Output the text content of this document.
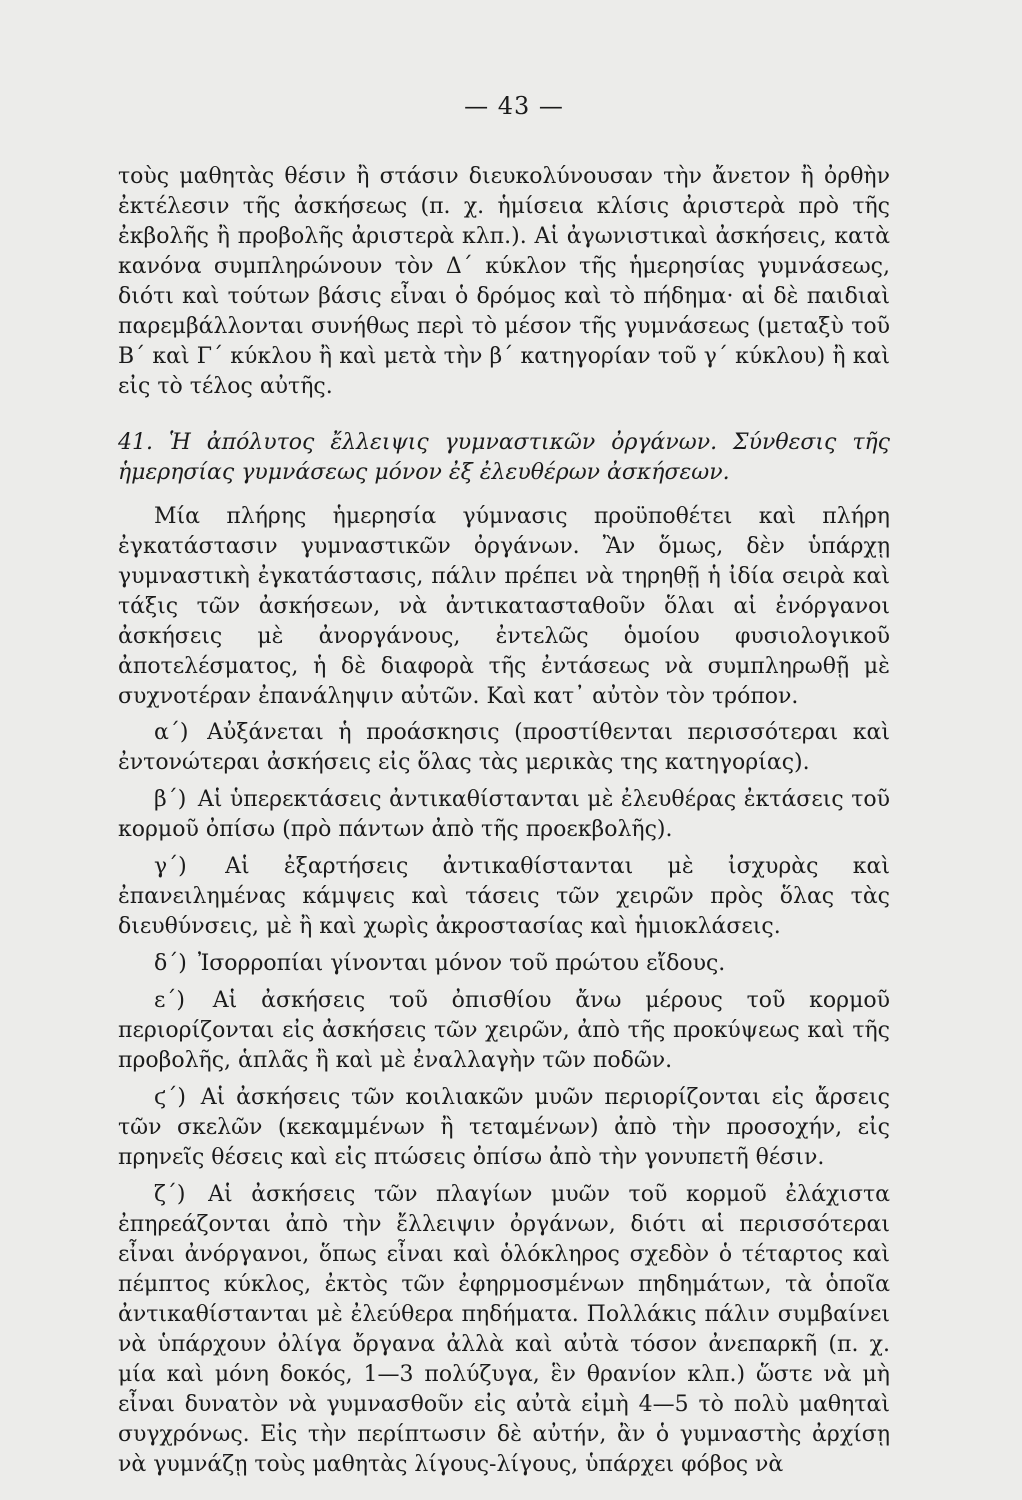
— 43 —

τοὺς μαθητὰς θέσιν ἢ στάσιν διευκολύνουσαν τὴν ἄνετον ἢ ὀρθὴν ἐκτέλεσιν τῆς ἀσκήσεως (π. χ. ἡμίσεια κλίσις ἀριστερὰ πρὸ τῆς ἐκβολῆς ἢ προβολῆς ἀριστερὰ κλπ.). Αἱ ἀγωνιστικαὶ ἀσκήσεις, κατὰ κανόνα συμπληρώνουν τὸν Δ΄ κύκλον τῆς ἡμερησίας γυμνάσεως, διότι καὶ τούτων βάσις εἶναι ὁ δρόμος καὶ τὸ πήδημα· αἱ δὲ παιδιαὶ παρεμβάλλονται συνήθως περὶ τὸ μέσον τῆς γυμνάσεως (μεταξὺ τοῦ Β΄ καὶ Γ΄ κύκλου ἢ καὶ μετὰ τὴν β΄ κατηγορίαν τοῦ γ΄ κύκλου) ἢ καὶ εἰς τὸ τέλος αὐτῆς.

41. Ἡ ἀπόλυτος ἔλλειψις γυμναστικῶν ὀργάνων. Σύνθεσις τῆς ἡμερησίας γυμνάσεως μόνον ἐξ ἐλευθέρων ἀσκήσεων.

Μία πλήρης ἡμερησία γύμνασις προϋποθέτει καὶ πλήρη ἐγκατάστασιν γυμναστικῶν ὀργάνων. Ἂν ὅμως, δὲν ὑπάρχῃ γυμναστικὴ ἐγκατάστασις, πάλιν πρέπει νὰ τηρηθῇ ἡ ἰδία σειρὰ καὶ τάξις τῶν ἀσκήσεων, νὰ ἀντικατασταθοῦν ὅλαι αἱ ἐνόργανοι ἀσκήσεις μὲ ἀνοργάνους, ἐντελῶς ὁμοίου φυσιολογικοῦ ἀποτελέσματος, ἡ δὲ διαφορὰ τῆς ἐντάσεως νὰ συμπληρωθῇ μὲ συχνοτέραν ἐπανάληψιν αὐτῶν. Καὶ κατ᾿ αὐτὸν τὸν τρόπον.

α΄) Αὐξάνεται ἡ προάσκησις (προστίθενται περισσότεραι καὶ ἐντονώτεραι ἀσκήσεις εἰς ὅλας τὰς μερικὰς της κατηγορίας).

β΄) Αἱ ὑπερεκτάσεις ἀντικαθίστανται μὲ ἐλευθέρας ἐκτάσεις τοῦ κορμοῦ ὀπίσω (πρὸ πάντων ἀπὸ τῆς προεκβολῆς).

γ΄) Αἱ ἐξαρτήσεις ἀντικαθίστανται μὲ ἰσχυρὰς καὶ ἐπανειλημένας κάμψεις καὶ τάσεις τῶν χειρῶν πρὸς ὅλας τὰς διευθύνσεις, μὲ ἢ καὶ χωρὶς ἀκροστασίας καὶ ἡμιοκλάσεις.

δ΄) Ἰσορροπίαι γίνονται μόνον τοῦ πρώτου εἴδους.

ε΄) Αἱ ἀσκήσεις τοῦ ὀπισθίου ἄνω μέρους τοῦ κορμοῦ περιορίζονται εἰς ἀσκήσεις τῶν χειρῶν, ἀπὸ τῆς προκύψεως καὶ τῆς προβολῆς, ἁπλᾶς ἢ καὶ μὲ ἐναλλαγὴν τῶν ποδῶν.

ϛ΄) Αἱ ἀσκήσεις τῶν κοιλιακῶν μυῶν περιορίζονται εἰς ἄρσεις τῶν σκελῶν (κεκαμμένων ἢ τεταμένων) ἀπὸ τὴν προσοχήν, εἰς πρηνεῖς θέσεις καὶ εἰς πτώσεις ὀπίσω ἀπὸ τὴν γονυπετῆ θέσιν.

ζ΄) Αἱ ἀσκήσεις τῶν πλαγίων μυῶν τοῦ κορμοῦ ἐλάχιστα ἐπηρεάζονται ἀπὸ τὴν ἔλλειψιν ὀργάνων, διότι αἱ περισσότεραι εἶναι ἀνόργανοι, ὅπως εἶναι καὶ ὁλόκληρος σχεδὸν ὁ τέταρτος καὶ πέμπτος κύκλος, ἐκτὸς τῶν ἐφηρμοσμένων πηδημάτων, τὰ ὁποῖα ἀντικαθίστανται μὲ ἐλεύθερα πηδήματα. Πολλάκις πάλιν συμβαίνει νὰ ὑπάρχουν ὀλίγα ὄργανα ἀλλὰ καὶ αὐτὰ τόσον ἀνεπαρκῆ (π. χ. μία καὶ μόνη δοκός, 1—3 πολύζυγα, ἓν θρανίον κλπ.) ὥστε νὰ μὴ εἶναι δυνατὸν νὰ γυμνασθοῦν εἰς αὐτὰ εἰμὴ 4—5 τὸ πολὺ μαθηταὶ συγχρόνως. Εἰς τὴν περίπτωσιν δὲ αὐτήν, ἂν ὁ γυμναστὴς ἀρχίσῃ νὰ γυμνάζῃ τοὺς μαθητὰς λίγους-λίγους, ὑπάρχει φόβος νὰ
